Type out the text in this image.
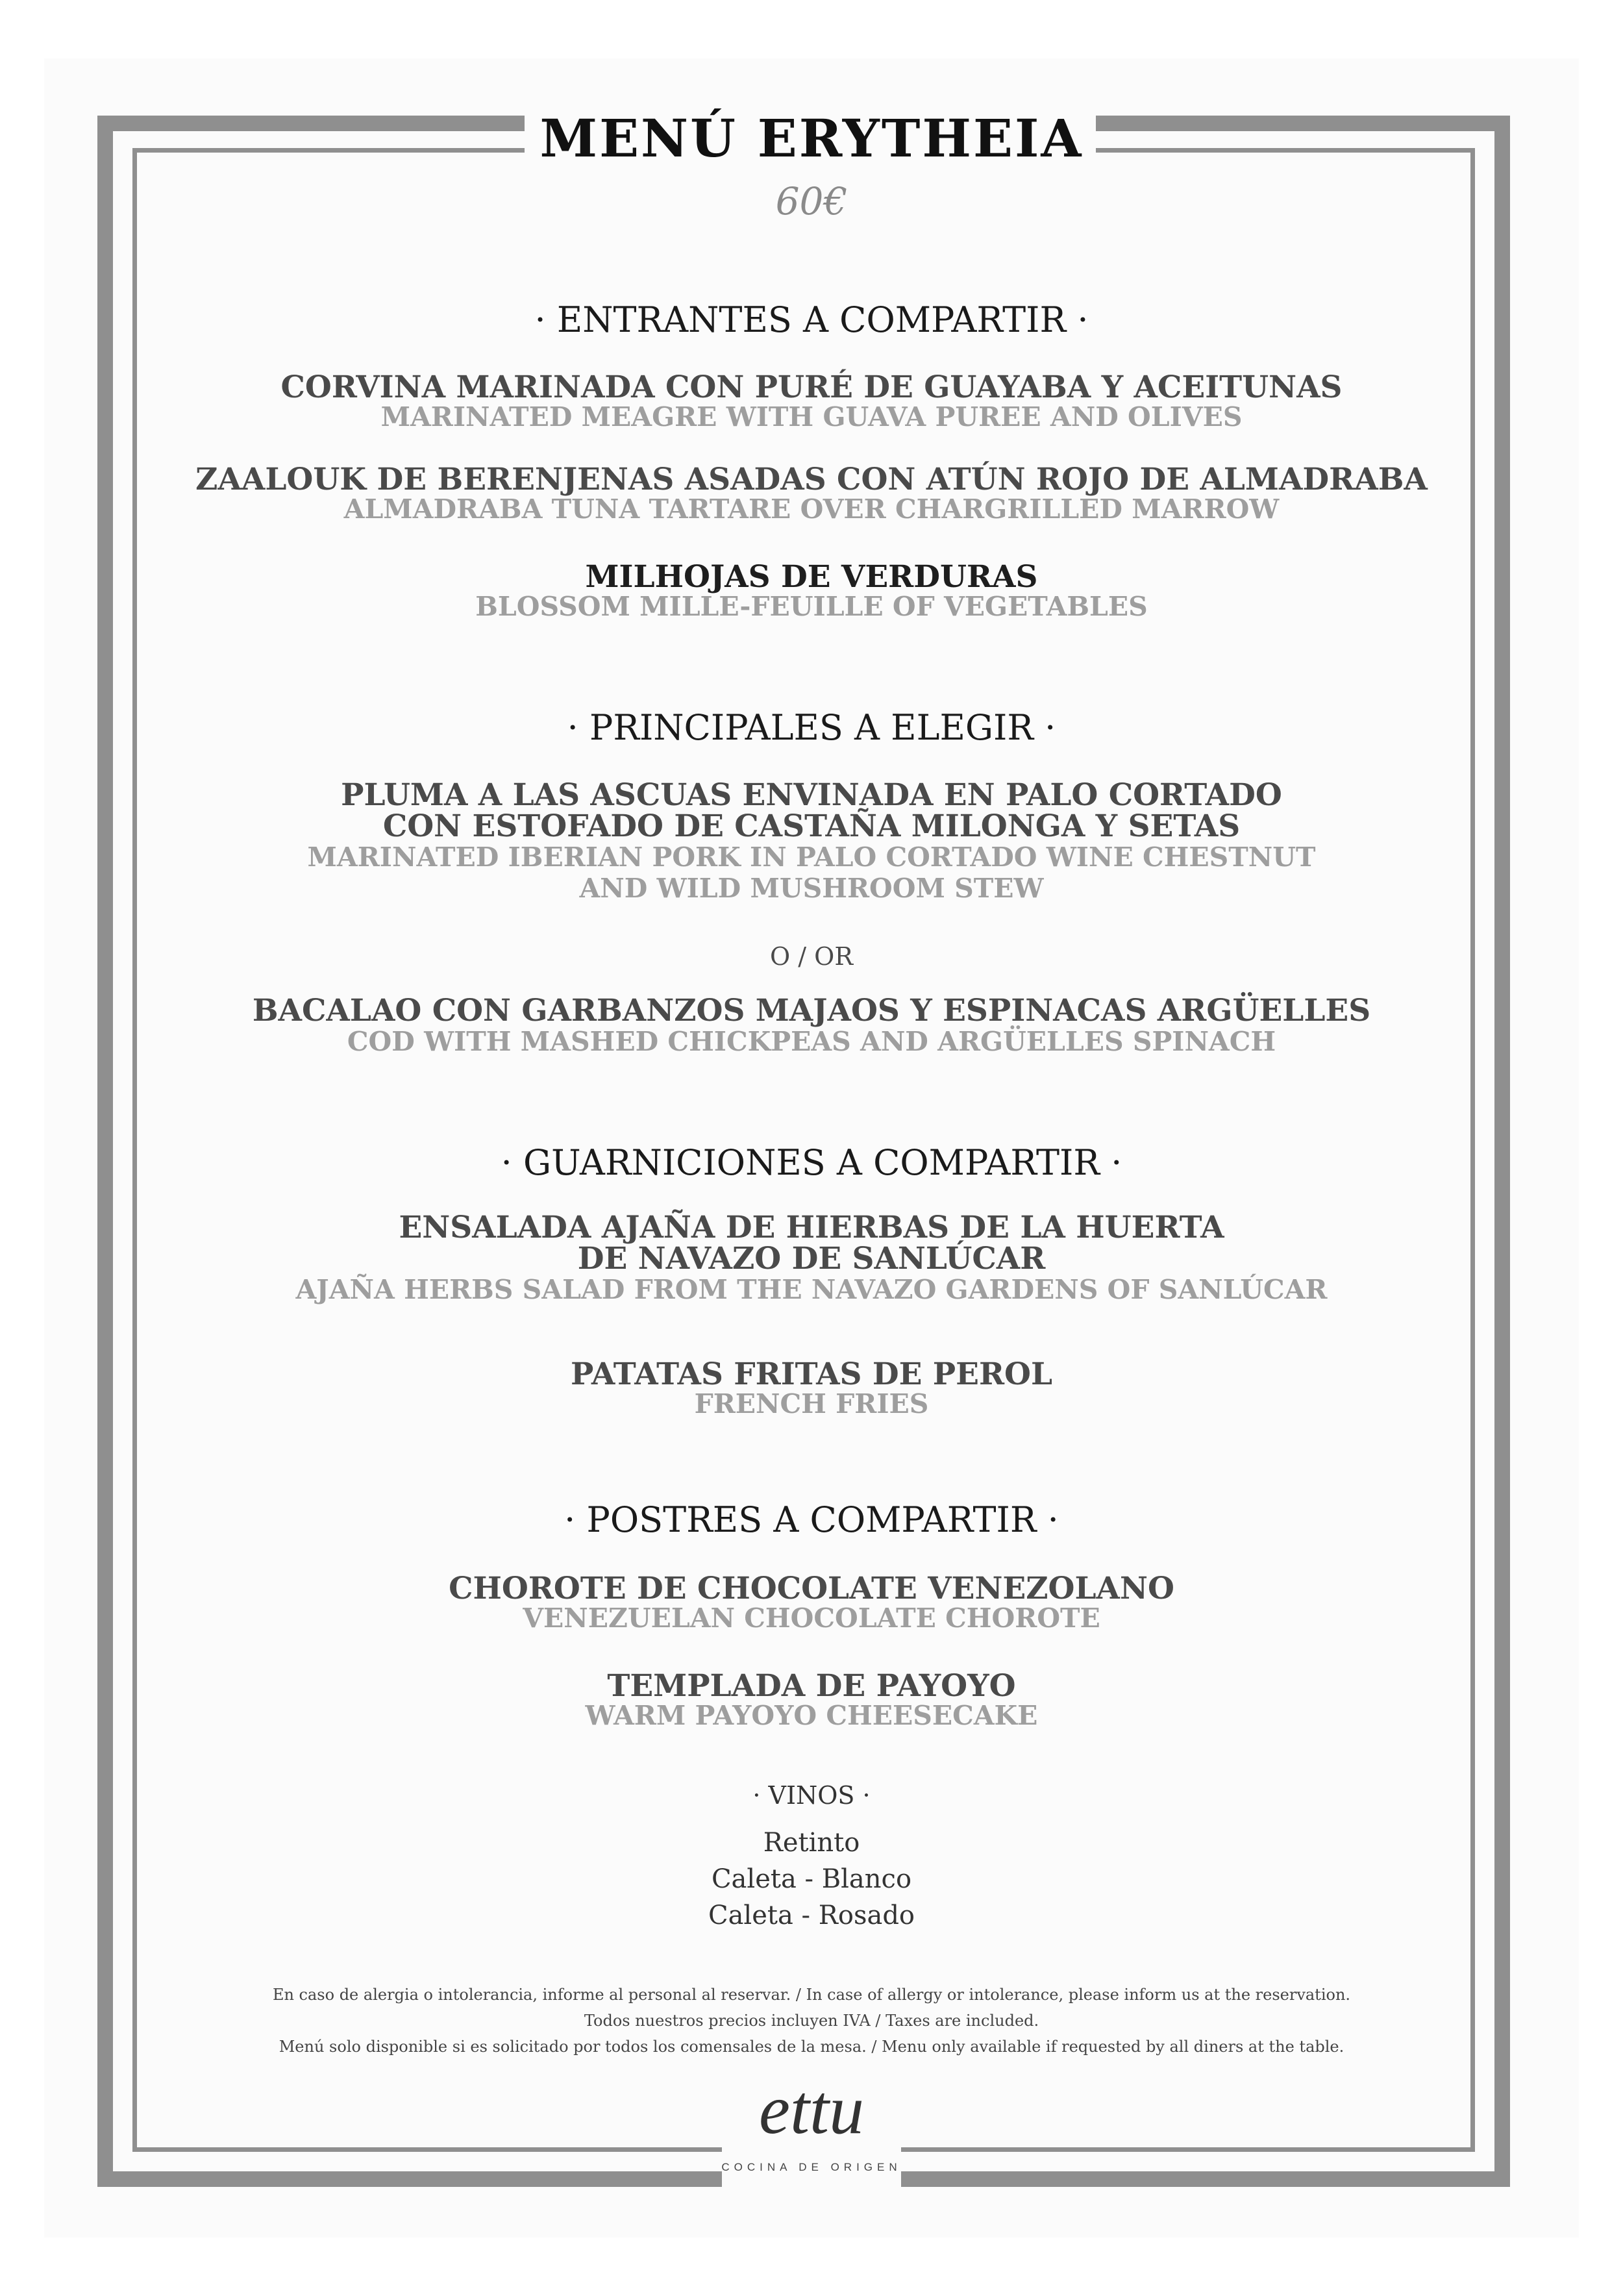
MENÚ ERYTHEIA
60€
· ENTRANTES A COMPARTIR ·
CORVINA MARINADA CON PURÉ DE GUAYABA Y ACEITUNAS
MARINATED MEAGRE WITH GUAVA PUREE AND OLIVES
ZAALOUK DE BERENJENAS ASADAS CON ATÚN ROJO DE ALMADRABA
ALMADRABA TUNA TARTARE OVER CHARGRILLED MARROW
MILHOJAS DE VERDURAS
BLOSSOM MILLE-FEUILLE OF VEGETABLES
· PRINCIPALES A ELEGIR ·
PLUMA A LAS ASCUAS ENVINADA EN PALO CORTADO
CON ESTOFADO DE CASTAÑA MILONGA Y SETAS
MARINATED IBERIAN PORK IN PALO CORTADO WINE CHESTNUT
AND WILD MUSHROOM STEW
O / OR
BACALAO CON GARBANZOS MAJAOS Y ESPINACAS ARGÜELLES
COD WITH MASHED CHICKPEAS AND ARGÜELLES SPINACH
· GUARNICIONES A COMPARTIR ·
ENSALADA AJAÑA DE HIERBAS DE LA HUERTA
DE NAVAZO DE SANLÚCAR
AJAÑA HERBS SALAD FROM THE NAVAZO GARDENS OF SANLÚCAR
PATATAS FRITAS DE PEROL
FRENCH FRIES
· POSTRES A COMPARTIR ·
CHOROTE DE CHOCOLATE VENEZOLANO
VENEZUELAN CHOCOLATE CHOROTE
TEMPLADA DE PAYOYO
WARM PAYOYO CHEESECAKE
· VINOS ·
Retinto
Caleta - Blanco
Caleta - Rosado
En caso de alergia o intolerancia, informe al personal al reservar. / In case of allergy or intolerance, please inform us at the reservation.
Todos nuestros precios incluyen IVA / Taxes are included.
Menú solo disponible si es solicitado por todos los comensales de la mesa. / Menu only available if requested by all diners at the table.
ettu
COCINA DE ORIGEN
